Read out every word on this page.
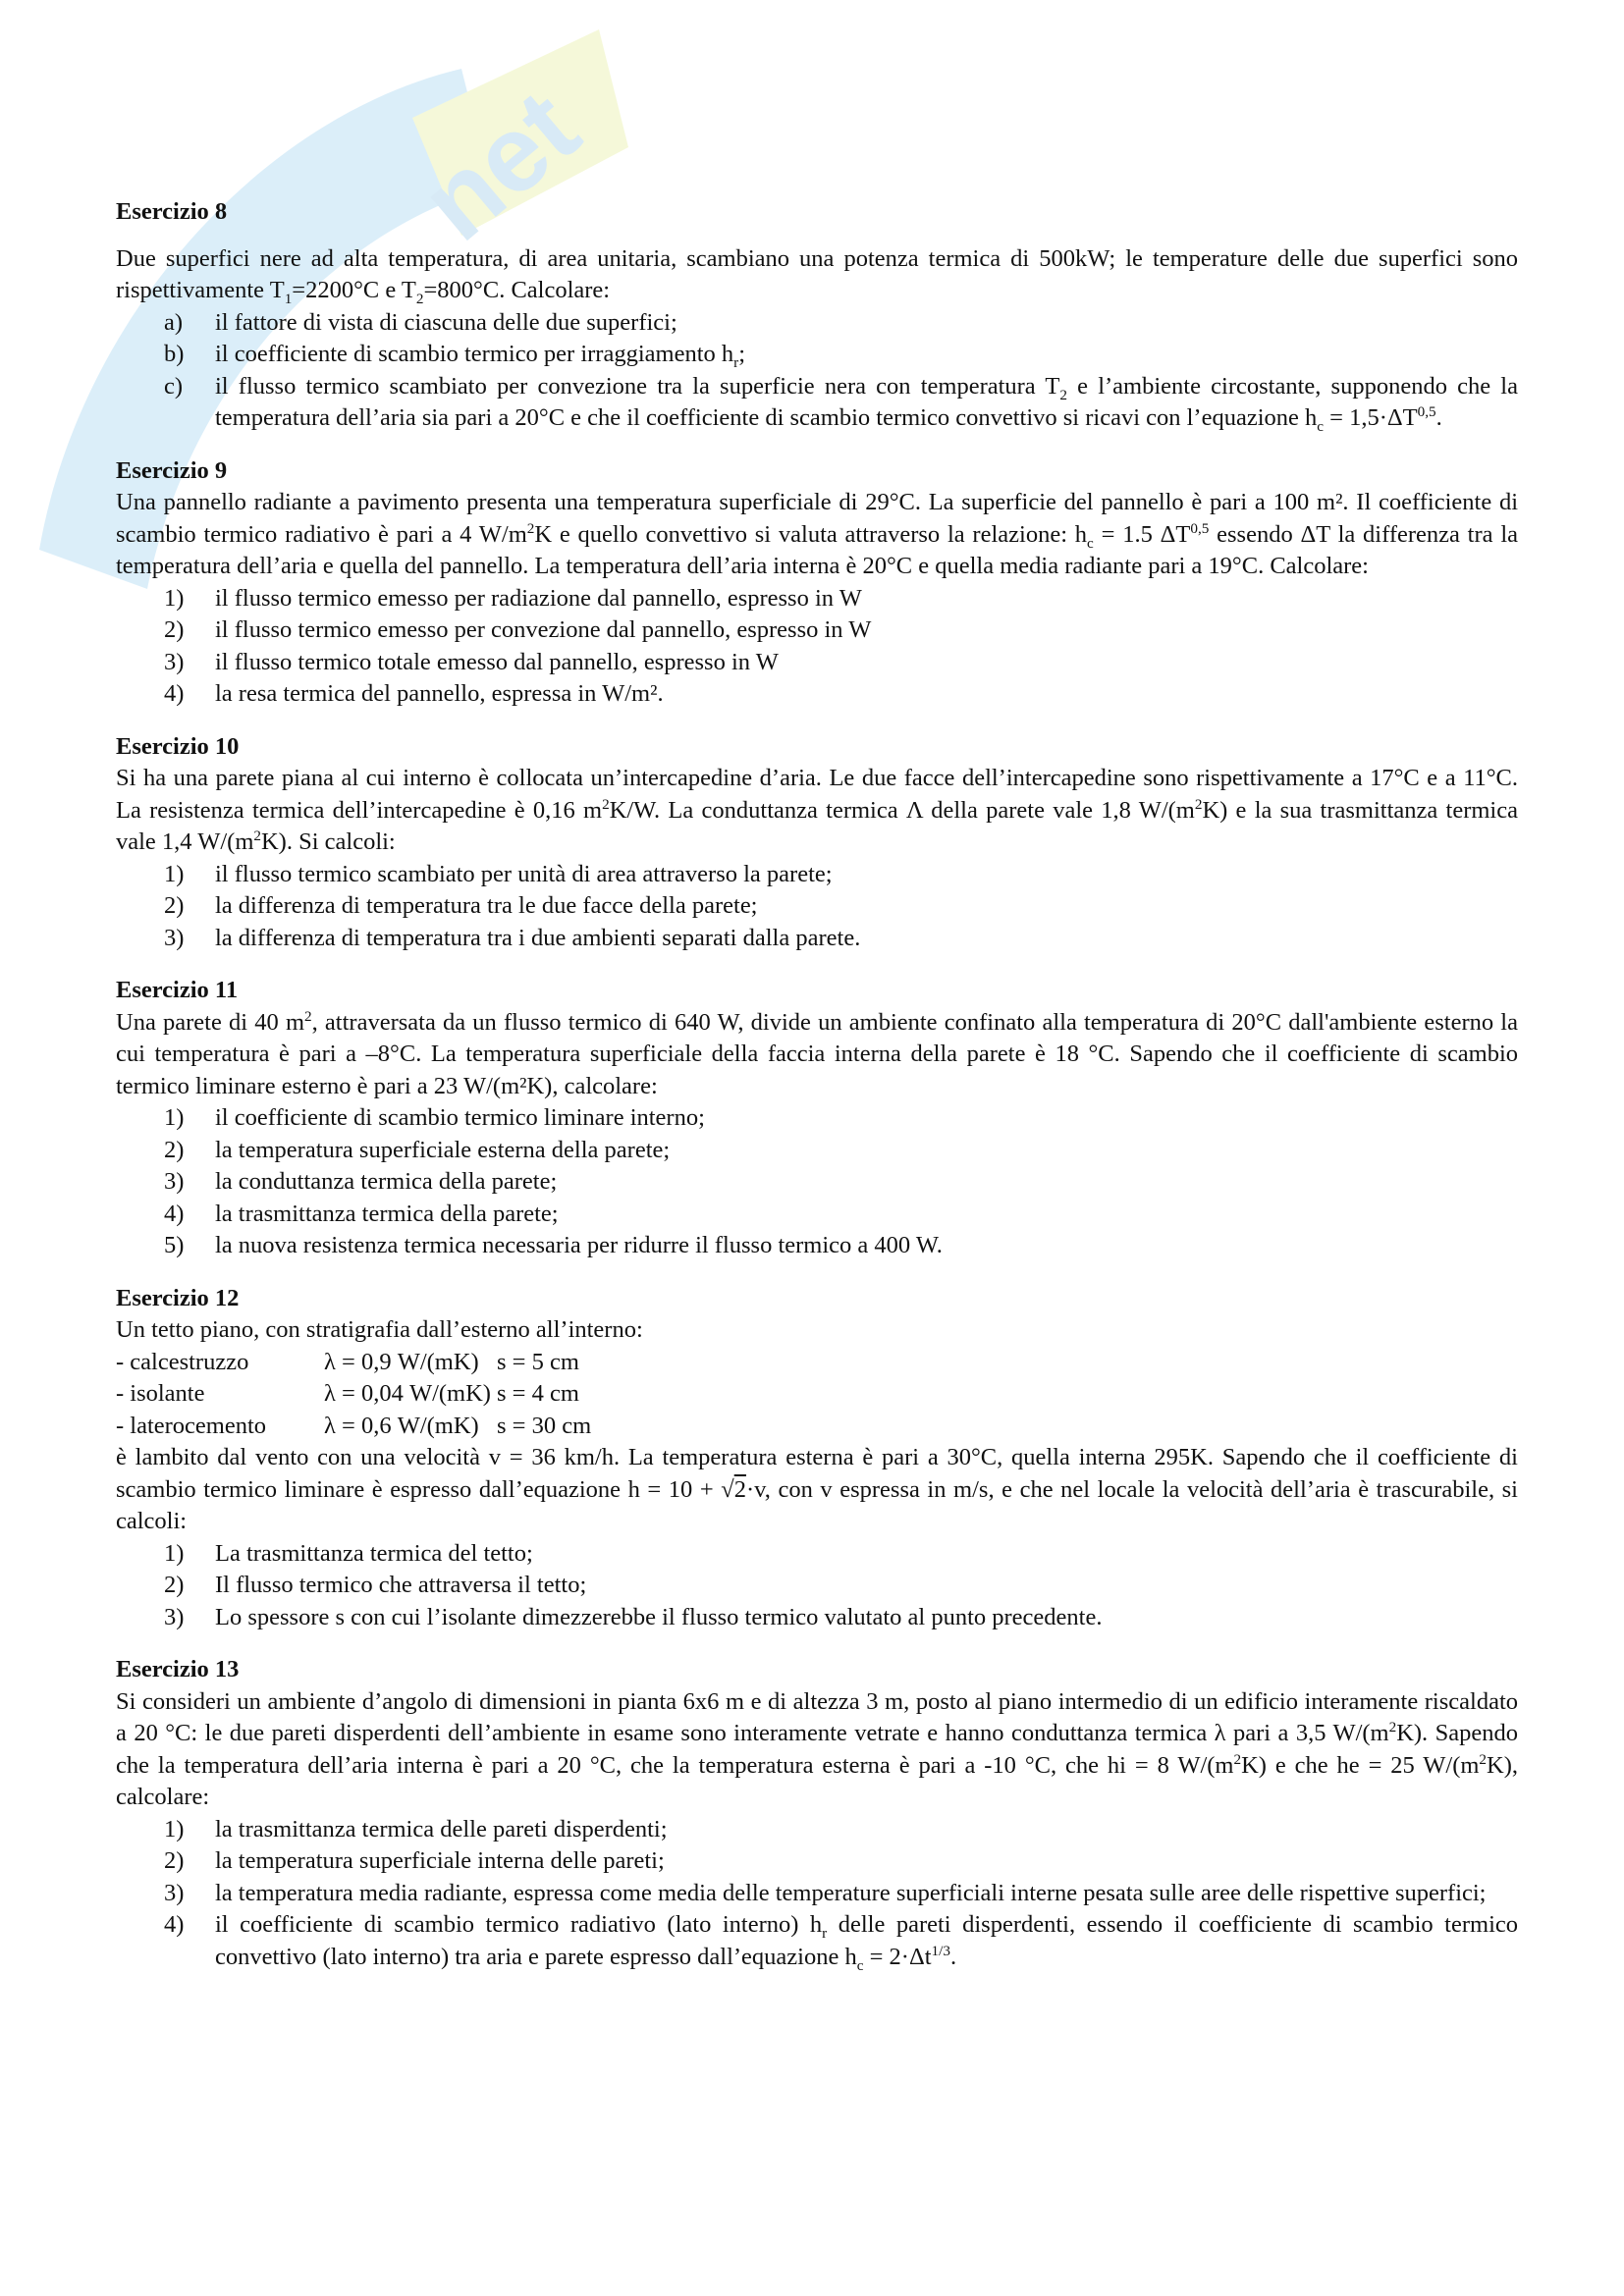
net
Esercizio 8
Due superfici nere ad alta temperatura, di area unitaria, scambiano una potenza termica di 500kW; le temperature delle due superfici sono rispettivamente $T_1=2200^\circ C$ e $T_2=800^\circ C$. Calcolare:
a)	il fattore di vista di ciascuna delle due superfici;
b)	il coefficiente di scambio termico per irraggiamento $h_r$;
c)	il flusso termico scambiato per convezione tra la superficie nera con temperatura $T_2$ e l’ambiente circostante, supponendo che la temperatura dell’aria sia pari a 20°C e che il coefficiente di scambio termico convettivo si ricavi con l’equazione $h_c = 1,5\cdot\Delta T^{0,5}$.
Esercizio 9
Una pannello radiante a pavimento presenta una temperatura superficiale di 29°C. La superficie del pannello è pari a 100 m². Il coefficiente di scambio termico radiativo è pari a 4 $W/m^2K$ e quello convettivo si valuta attraverso la relazione: $h_c = 1.5$ ΔT$^{0,5}$ essendo ΔT la differenza tra la temperatura dell’aria e quella del pannello. La temperatura dell’aria interna è 20°C e quella media radiante pari a 19°C. Calcolare:
1)	il flusso termico emesso per radiazione dal pannello, espresso in W
2)	il flusso termico emesso per convezione dal pannello, espresso in W
3)	il flusso termico totale emesso dal pannello, espresso in W
4)	la resa termica del pannello, espressa in W/m².
Esercizio 10
Si ha una parete piana al cui interno è collocata un’intercapedine d’aria. Le due facce dell’intercapedine sono rispettivamente a 17°C e a 11°C. La resistenza termica dell’intercapedine è 0,16 $m^2K/W$. La conduttanza termica Λ della parete vale 1,8 $W/(m^2K)$ e la sua trasmittanza termica vale 1,4 $W/(m^2K)$. Si calcoli:
1)	il flusso termico scambiato per unità di area attraverso la parete;
2)	la differenza di temperatura tra le due facce della parete;
3)	la differenza di temperatura tra i due ambienti separati dalla parete.
Esercizio 11
Una parete di 40 $m^2$, attraversata da un flusso termico di 640 W, divide un ambiente confinato alla temperatura di 20°C dall'ambiente esterno la cui temperatura è pari a –8°C. La temperatura superficiale della faccia interna della parete è 18 °C. Sapendo che il coefficiente di scambio termico liminare esterno è pari a 23 W/(m²K), calcolare:
1)	il coefficiente di scambio termico liminare interno;
2)	la temperatura superficiale esterna della parete;
3)	la conduttanza termica della parete;
4)	la trasmittanza termica della parete;
5)	la nuova resistenza termica necessaria per ridurre il flusso termico a 400 W.
Esercizio 12
Un tetto piano, con stratigrafia dall’esterno all’interno:
- calcestruzzo	λ = 0,9 W/(mK) s = 5 cm
- isolante	λ = 0,04 W/(mK) s = 4 cm
- laterocemento	λ = 0,6 W/(mK) s = 30 cm
è lambito dal vento con una velocità v = 36 km/h. La temperatura esterna è pari a 30°C, quella interna 295K. Sapendo che il coefficiente di scambio termico liminare è espresso dall’equazione h = 10 + √2·v, con v espressa in m/s, e che nel locale la velocità dell’aria è trascurabile, si calcoli:
1)	La trasmittanza termica del tetto;
2)	Il flusso termico che attraversa il tetto;
3)	Lo spessore s con cui l’isolante dimezzerebbe il flusso termico valutato al punto precedente.
Esercizio 13
Si consideri un ambiente d’angolo di dimensioni in pianta 6x6 m e di altezza 3 m, posto al piano intermedio di un edificio interamente riscaldato a 20 °C: le due pareti disperdenti dell’ambiente in esame sono interamente vetrate e hanno conduttanza termica λ pari a 3,5 $W/(m^2K)$. Sapendo che la temperatura dell’aria interna è pari a 20 °C, che la temperatura esterna è pari a -10 °C, che hi = 8 $W/(m^2K)$ e che he = 25 $W/(m^2K)$, calcolare:
1)	la trasmittanza termica delle pareti disperdenti;
2)	la temperatura superficiale interna delle pareti;
3)	la temperatura media radiante, espressa come media delle temperature superficiali interne pesata sulle aree delle rispettive superfici;
4)	il coefficiente di scambio termico radiativo (lato interno) $h_r$ delle pareti disperdenti, essendo il coefficiente di scambio termico convettivo (lato interno) tra aria e parete espresso dall’equazione $h_c = 2\cdot\Delta t^{1/3}$.
